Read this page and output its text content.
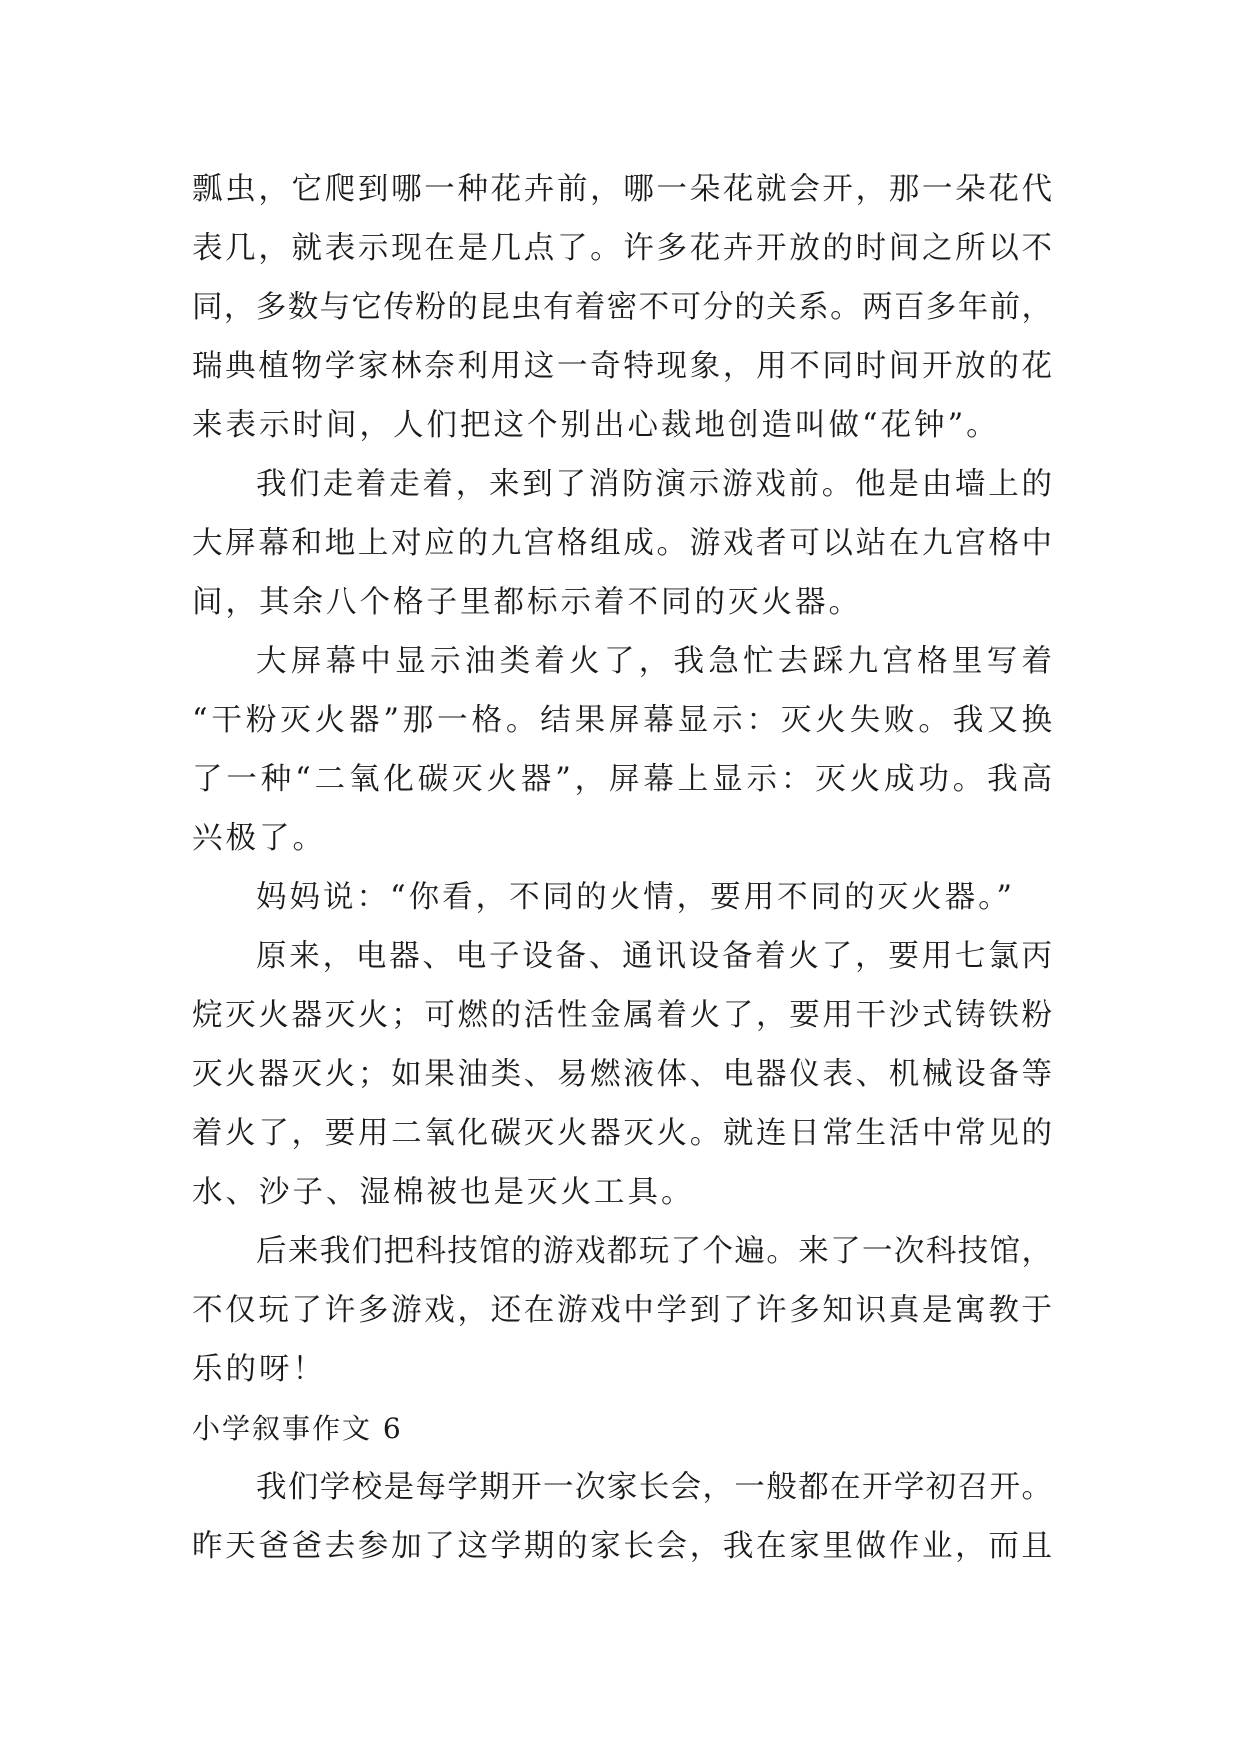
瓢虫，它爬到哪一种花卉前，哪一朵花就会开，那一朵花代
表几，就表示现在是几点了。许多花卉开放的时间之所以不
同，多数与它传粉的昆虫有着密不可分的关系。两百多年前，
瑞典植物学家林奈利用这一奇特现象，用不同时间开放的花
来表示时间，人们把这个别出心裁地创造叫做“花钟”。
我们走着走着，来到了消防演示游戏前。他是由墙上的
大屏幕和地上对应的九宫格组成。游戏者可以站在九宫格中
间，其余八个格子里都标示着不同的灭火器。
大屏幕中显示油类着火了，我急忙去踩九宫格里写着
“干粉灭火器”那一格。结果屏幕显示：灭火失败。我又换
了一种“二氧化碳灭火器”，屏幕上显示：灭火成功。我高
兴极了。
妈妈说：“你看，不同的火情，要用不同的灭火器。”
原来，电器、电子设备、通讯设备着火了，要用七氯丙
烷灭火器灭火；可燃的活性金属着火了，要用干沙式铸铁粉
灭火器灭火；如果油类、易燃液体、电器仪表、机械设备等
着火了，要用二氧化碳灭火器灭火。就连日常生活中常见的
水、沙子、湿棉被也是灭火工具。
后来我们把科技馆的游戏都玩了个遍。来了一次科技馆，
不仅玩了许多游戏，还在游戏中学到了许多知识真是寓教于
乐的呀！
小学叙事作文 6
我们学校是每学期开一次家长会，一般都在开学初召开。
昨天爸爸去参加了这学期的家长会，我在家里做作业，而且
